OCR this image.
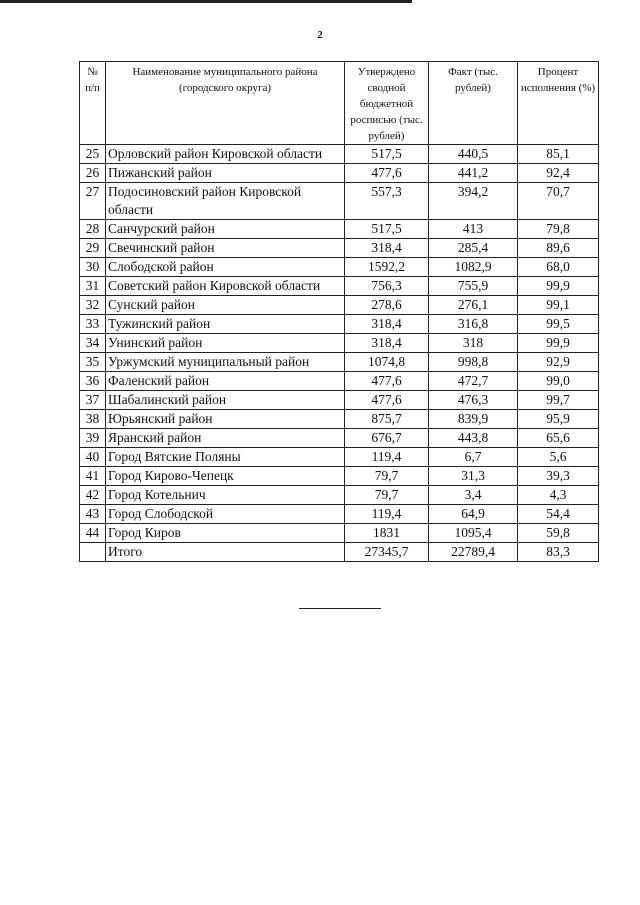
2
№ п/п	Наименование муниципального района (городского округа)	Утверждено сводной бюджетной росписью (тыс. рублей)	Факт (тыс. рублей)	Процент исполнения (%)
25	Орловский район Кировской области	517,5	440,5	85,1
26	Пижанский район	477,6	441,2	92,4
27	Подосиновский район Кировской области	557,3	394,2	70,7
28	Санчурский район	517,5	413	79,8
29	Свечинский район	318,4	285,4	89,6
30	Слободской район	1592,2	1082,9	68,0
31	Советский район Кировской области	756,3	755,9	99,9
32	Сунский район	278,6	276,1	99,1
33	Тужинский район	318,4	316,8	99,5
34	Унинский район	318,4	318	99,9
35	Уржумский муниципальный район	1074,8	998,8	92,9
36	Фаленский район	477,6	472,7	99,0
37	Шабалинский район	477,6	476,3	99,7
38	Юрьянский район	875,7	839,9	95,9
39	Яранский район	676,7	443,8	65,6
40	Город Вятские Поляны	119,4	6,7	5,6
41	Город Кирово-Чепецк	79,7	31,3	39,3
42	Город Котельнич	79,7	3,4	4,3
43	Город Слободской	119,4	64,9	54,4
44	Город Киров	1831	1095,4	59,8
	Итого	27345,7	22789,4	83,3
